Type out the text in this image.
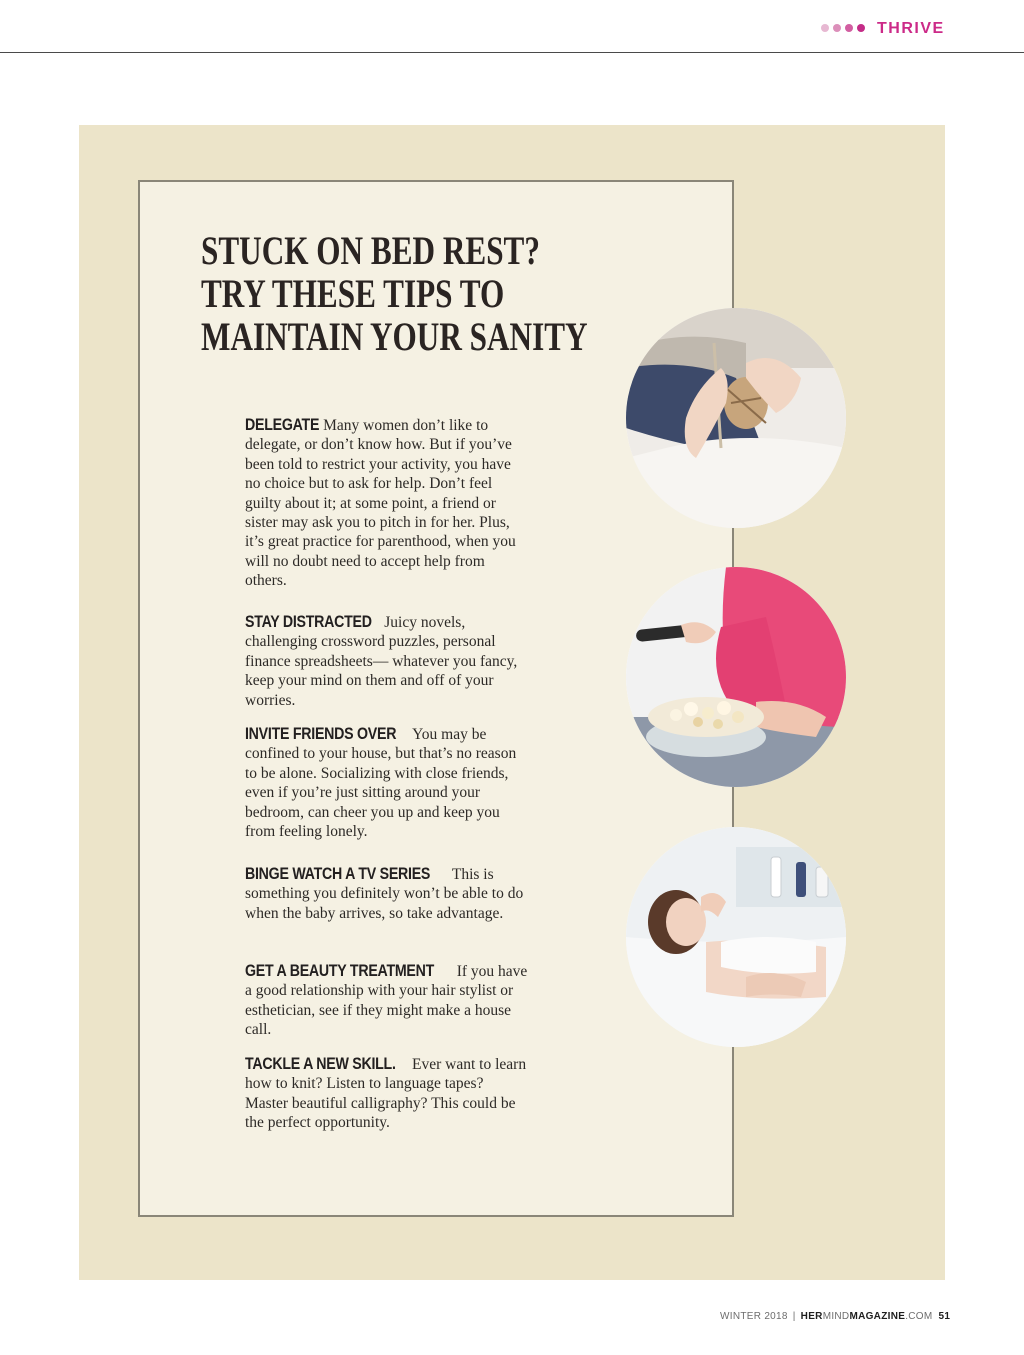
THRIVE
STUCK ON BED REST?
TRY THESE TIPS TO
MAINTAIN YOUR SANITY

DELEGATE Many women don’t like to delegate, or don’t know how. But if you’ve been told to restrict your activity, you have no choice but to ask for help. Don’t feel guilty about it; at some point, a friend or sister may ask you to pitch in for her. Plus, it’s great practice for parenthood, when you will no doubt need to accept help from others.

STAY DISTRACTED Juicy novels, challenging crossword puzzles, personal finance spreadsheets— whatever you fancy, keep your mind on them and off of your worries.

INVITE FRIENDS OVER You may be confined to your house, but that’s no reason to be alone. Socializing with close friends, even if you’re just sitting around your bedroom, can cheer you up and keep you from feeling lonely.

BINGE WATCH A TV SERIES This is something you definitely won’t be able to do when the baby arrives, so take advantage.

GET A BEAUTY TREATMENT If you have a good relationship with your hair stylist or esthetician, see if they might make a house call.

TACKLE A NEW SKILL. Ever want to learn how to knit? Listen to language tapes? Master beautiful calligraphy? This could be the perfect opportunity.

WINTER 2018 | HERMINDMAGAZINE.COM 51
